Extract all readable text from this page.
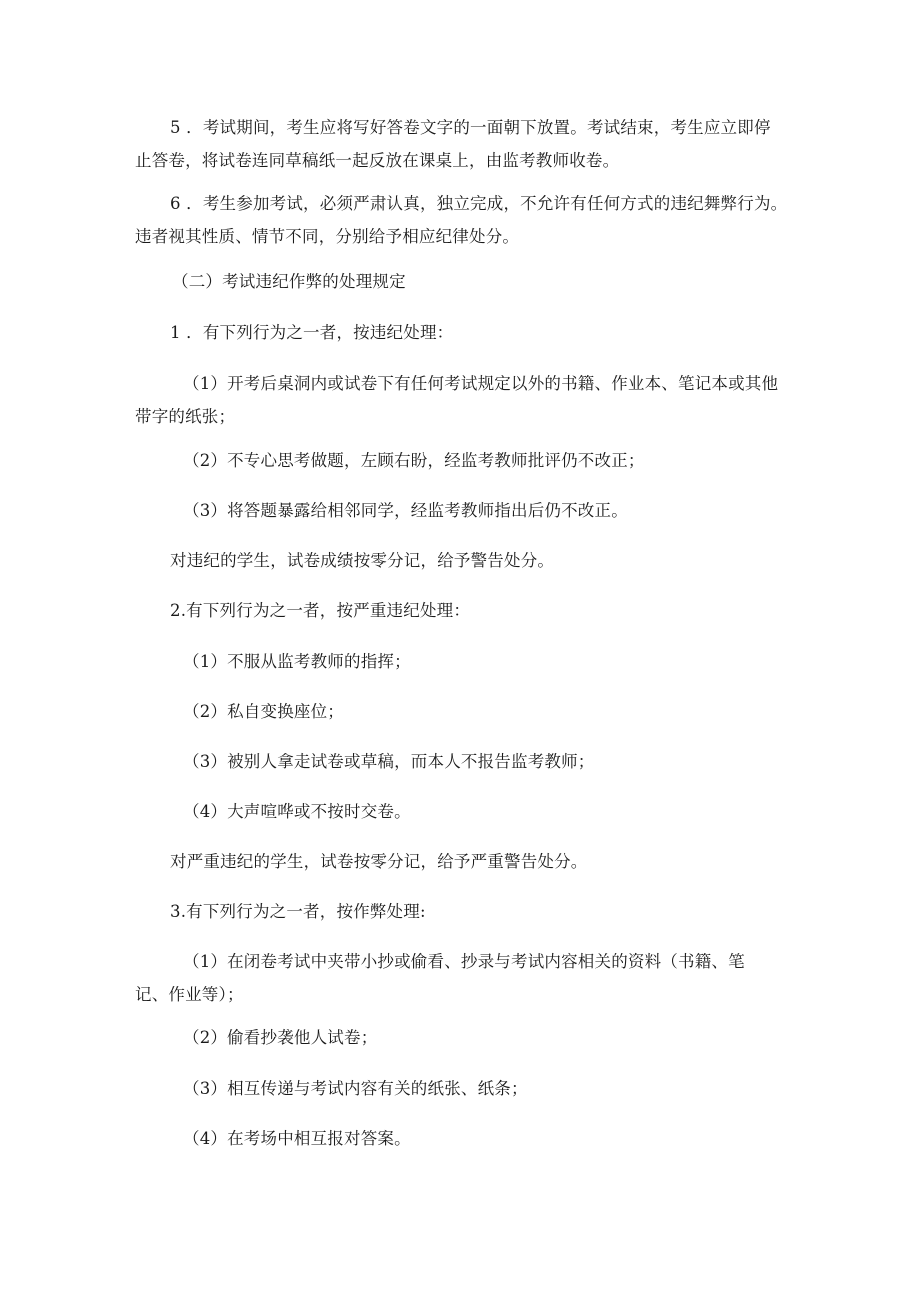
5 ．考试期间，考生应将写好答卷文字的一面朝下放置。考试结束，考生应立即停
止答卷，将试卷连同草稿纸一起反放在课桌上，由监考教师收卷。
6 ．考生参加考试，必须严肃认真，独立完成，不允许有任何方式的违纪舞弊行为。
违者视其性质、情节不同，分别给予相应纪律处分。
（二）考试违纪作弊的处理规定
1 ．有下列行为之一者，按违纪处理：
（1）开考后桌洞内或试卷下有任何考试规定以外的书籍、作业本、笔记本或其他
带字的纸张；
（2）不专心思考做题，左顾右盼，经监考教师批评仍不改正；
（3）将答题暴露给相邻同学，经监考教师指出后仍不改正。
对违纪的学生，试卷成绩按零分记，给予警告处分。
2.有下列行为之一者，按严重违纪处理：
（1）不服从监考教师的指挥；
（2）私自变换座位；
（3）被别人拿走试卷或草稿，而本人不报告监考教师；
（4）大声喧哗或不按时交卷。
对严重违纪的学生，试卷按零分记，给予严重警告处分。
3.有下列行为之一者，按作弊处理:
（1）在闭卷考试中夹带小抄或偷看、抄录与考试内容相关的资料（书籍、笔
记、作业等）；
（2）偷看抄袭他人试卷；
（3）相互传递与考试内容有关的纸张、纸条；
（4）在考场中相互报对答案。
